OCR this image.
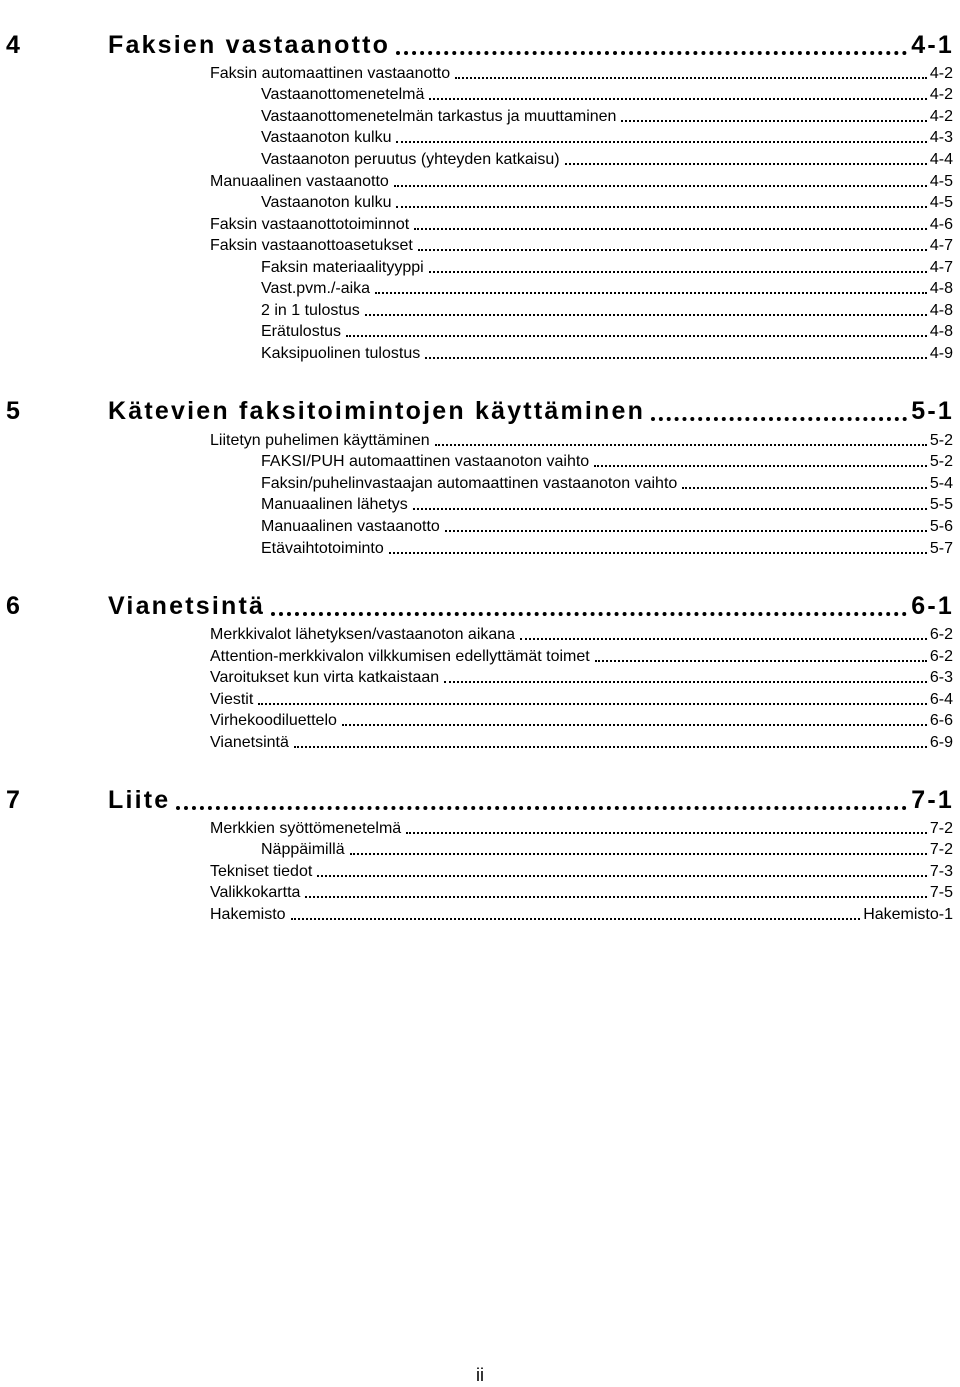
4	Faksien vastaanotto	4-1
Faksin automaattinen vastaanotto	4-2
Vastaanottomenetelmä	4-2
Vastaanottomenetelmän tarkastus ja muuttaminen	4-2
Vastaanoton kulku	4-3
Vastaanoton peruutus (yhteyden katkaisu)	4-4
Manuaalinen vastaanotto	4-5
Vastaanoton kulku	4-5
Faksin vastaanottotoiminnot	4-6
Faksin vastaanottoasetukset	4-7
Faksin materiaalityyppi	4-7
Vast.pvm./-aika	4-8
2 in 1 tulostus	4-8
Erätulostus	4-8
Kaksipuolinen tulostus	4-9
5	Kätevien faksitoimintojen käyttäminen	5-1
Liitetyn puhelimen käyttäminen	5-2
FAKSI/PUH automaattinen vastaanoton vaihto	5-2
Faksin/puhelinvastaajan automaattinen vastaanoton vaihto	5-4
Manuaalinen lähetys	5-5
Manuaalinen vastaanotto	5-6
Etävaihtotoiminto	5-7
6	Vianetsintä	6-1
Merkkivalot lähetyksen/vastaanoton aikana	6-2
Attention-merkkivalon vilkkumisen edellyttämät toimet	6-2
Varoitukset kun virta katkaistaan	6-3
Viestit	6-4
Virhekoodiluettelo	6-6
Vianetsintä	6-9
7	Liite	7-1
Merkkien syöttömenetelmä	7-2
Näppäimillä	7-2
Tekniset tiedot	7-3
Valikkokartta	7-5
Hakemisto	Hakemisto-1
ii
